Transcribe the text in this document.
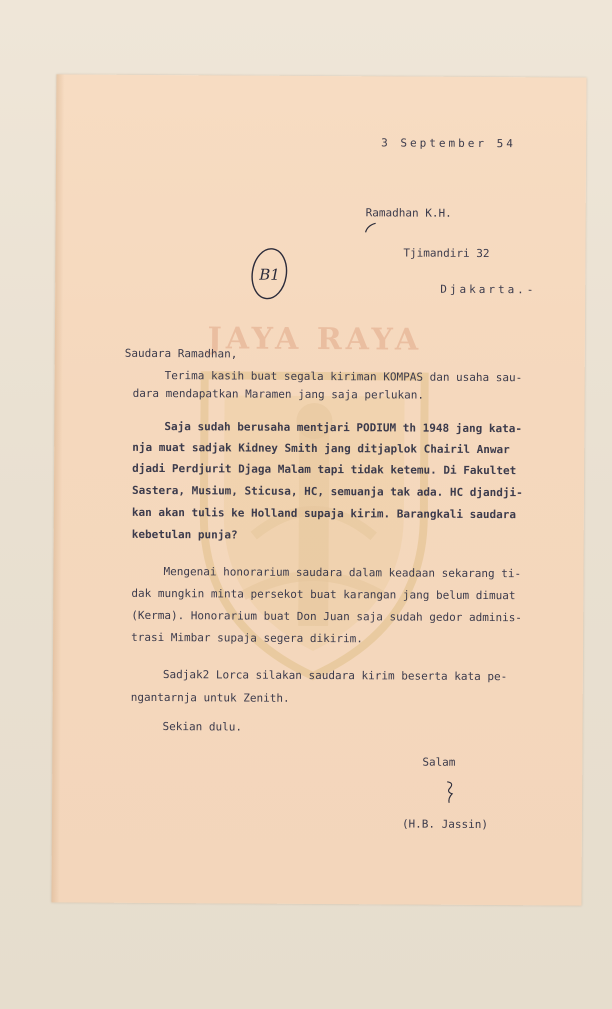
JAYA RAYA
3 September 54
Ramadhan K.H.
Tjimandiri 32
Djakarta.-
B1
Saudara Ramadhan,
Terima kasih buat segala kiriman KOMPAS dan usaha sau-
dara mendapatkan Maramen jang saja perlukan.
Saja sudah berusaha mentjari PODIUM th 1948 jang kata-
nja muat sadjak Kidney Smith jang ditjaplok Chairil Anwar
djadi Perdjurit Djaga Malam tapi tidak ketemu. Di Fakultet
Sastera, Musium, Sticusa, HC, semuanja tak ada. HC djandji-
kan akan tulis ke Holland supaja kirim. Barangkali saudara
kebetulan punja?
Mengenai honorarium saudara dalam keadaan sekarang ti-
dak mungkin minta persekot buat karangan jang belum dimuat
(Kerma). Honorarium buat Don Juan saja sudah gedor adminis-
trasi Mimbar supaja segera dikirim.
Sadjak2 Lorca silakan saudara kirim beserta kata pe-
ngantarnja untuk Zenith.
Sekian dulu.
Salam
(H.B. Jassin)
